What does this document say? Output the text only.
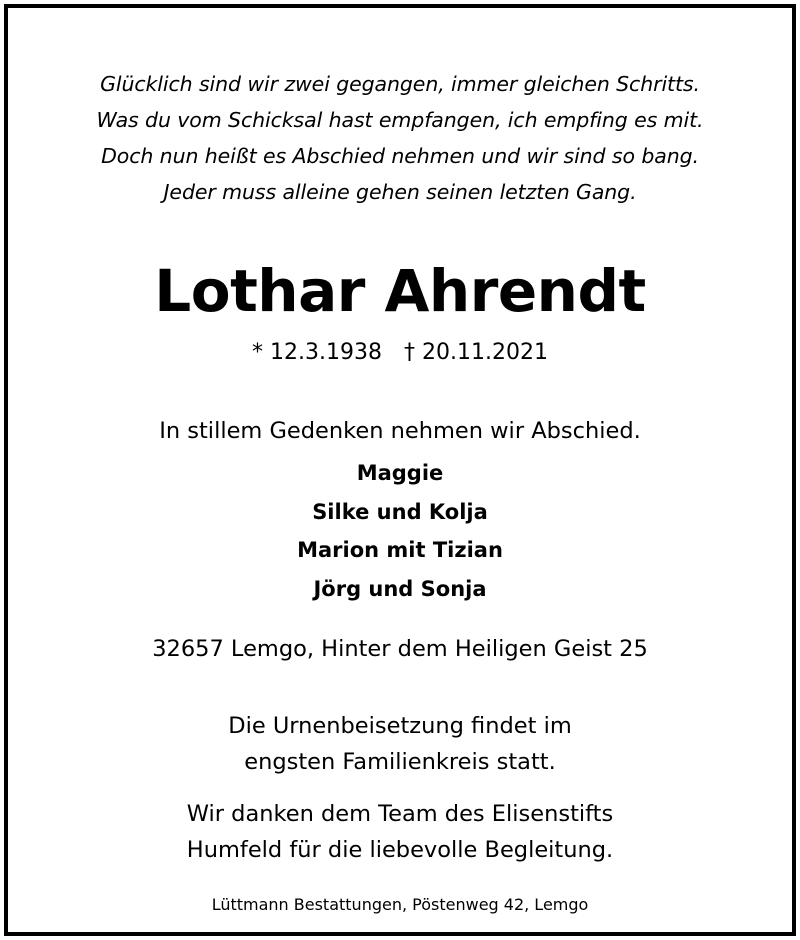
Glücklich sind wir zwei gegangen, immer gleichen Schritts.
Was du vom Schicksal hast empfangen, ich empfing es mit.
Doch nun heißt es Abschied nehmen und wir sind so bang.
Jeder muss alleine gehen seinen letzten Gang.
Lothar Ahrendt
* 12.3.1938 † 20.11.2021
In stillem Gedenken nehmen wir Abschied.
Maggie
Silke und Kolja
Marion mit Tizian
Jörg und Sonja
32657 Lemgo, Hinter dem Heiligen Geist 25
Die Urnenbeisetzung findet im
engsten Familienkreis statt.
Wir danken dem Team des Elisenstifts
Humfeld für die liebevolle Begleitung.
Lüttmann Bestattungen, Pöstenweg 42, Lemgo
